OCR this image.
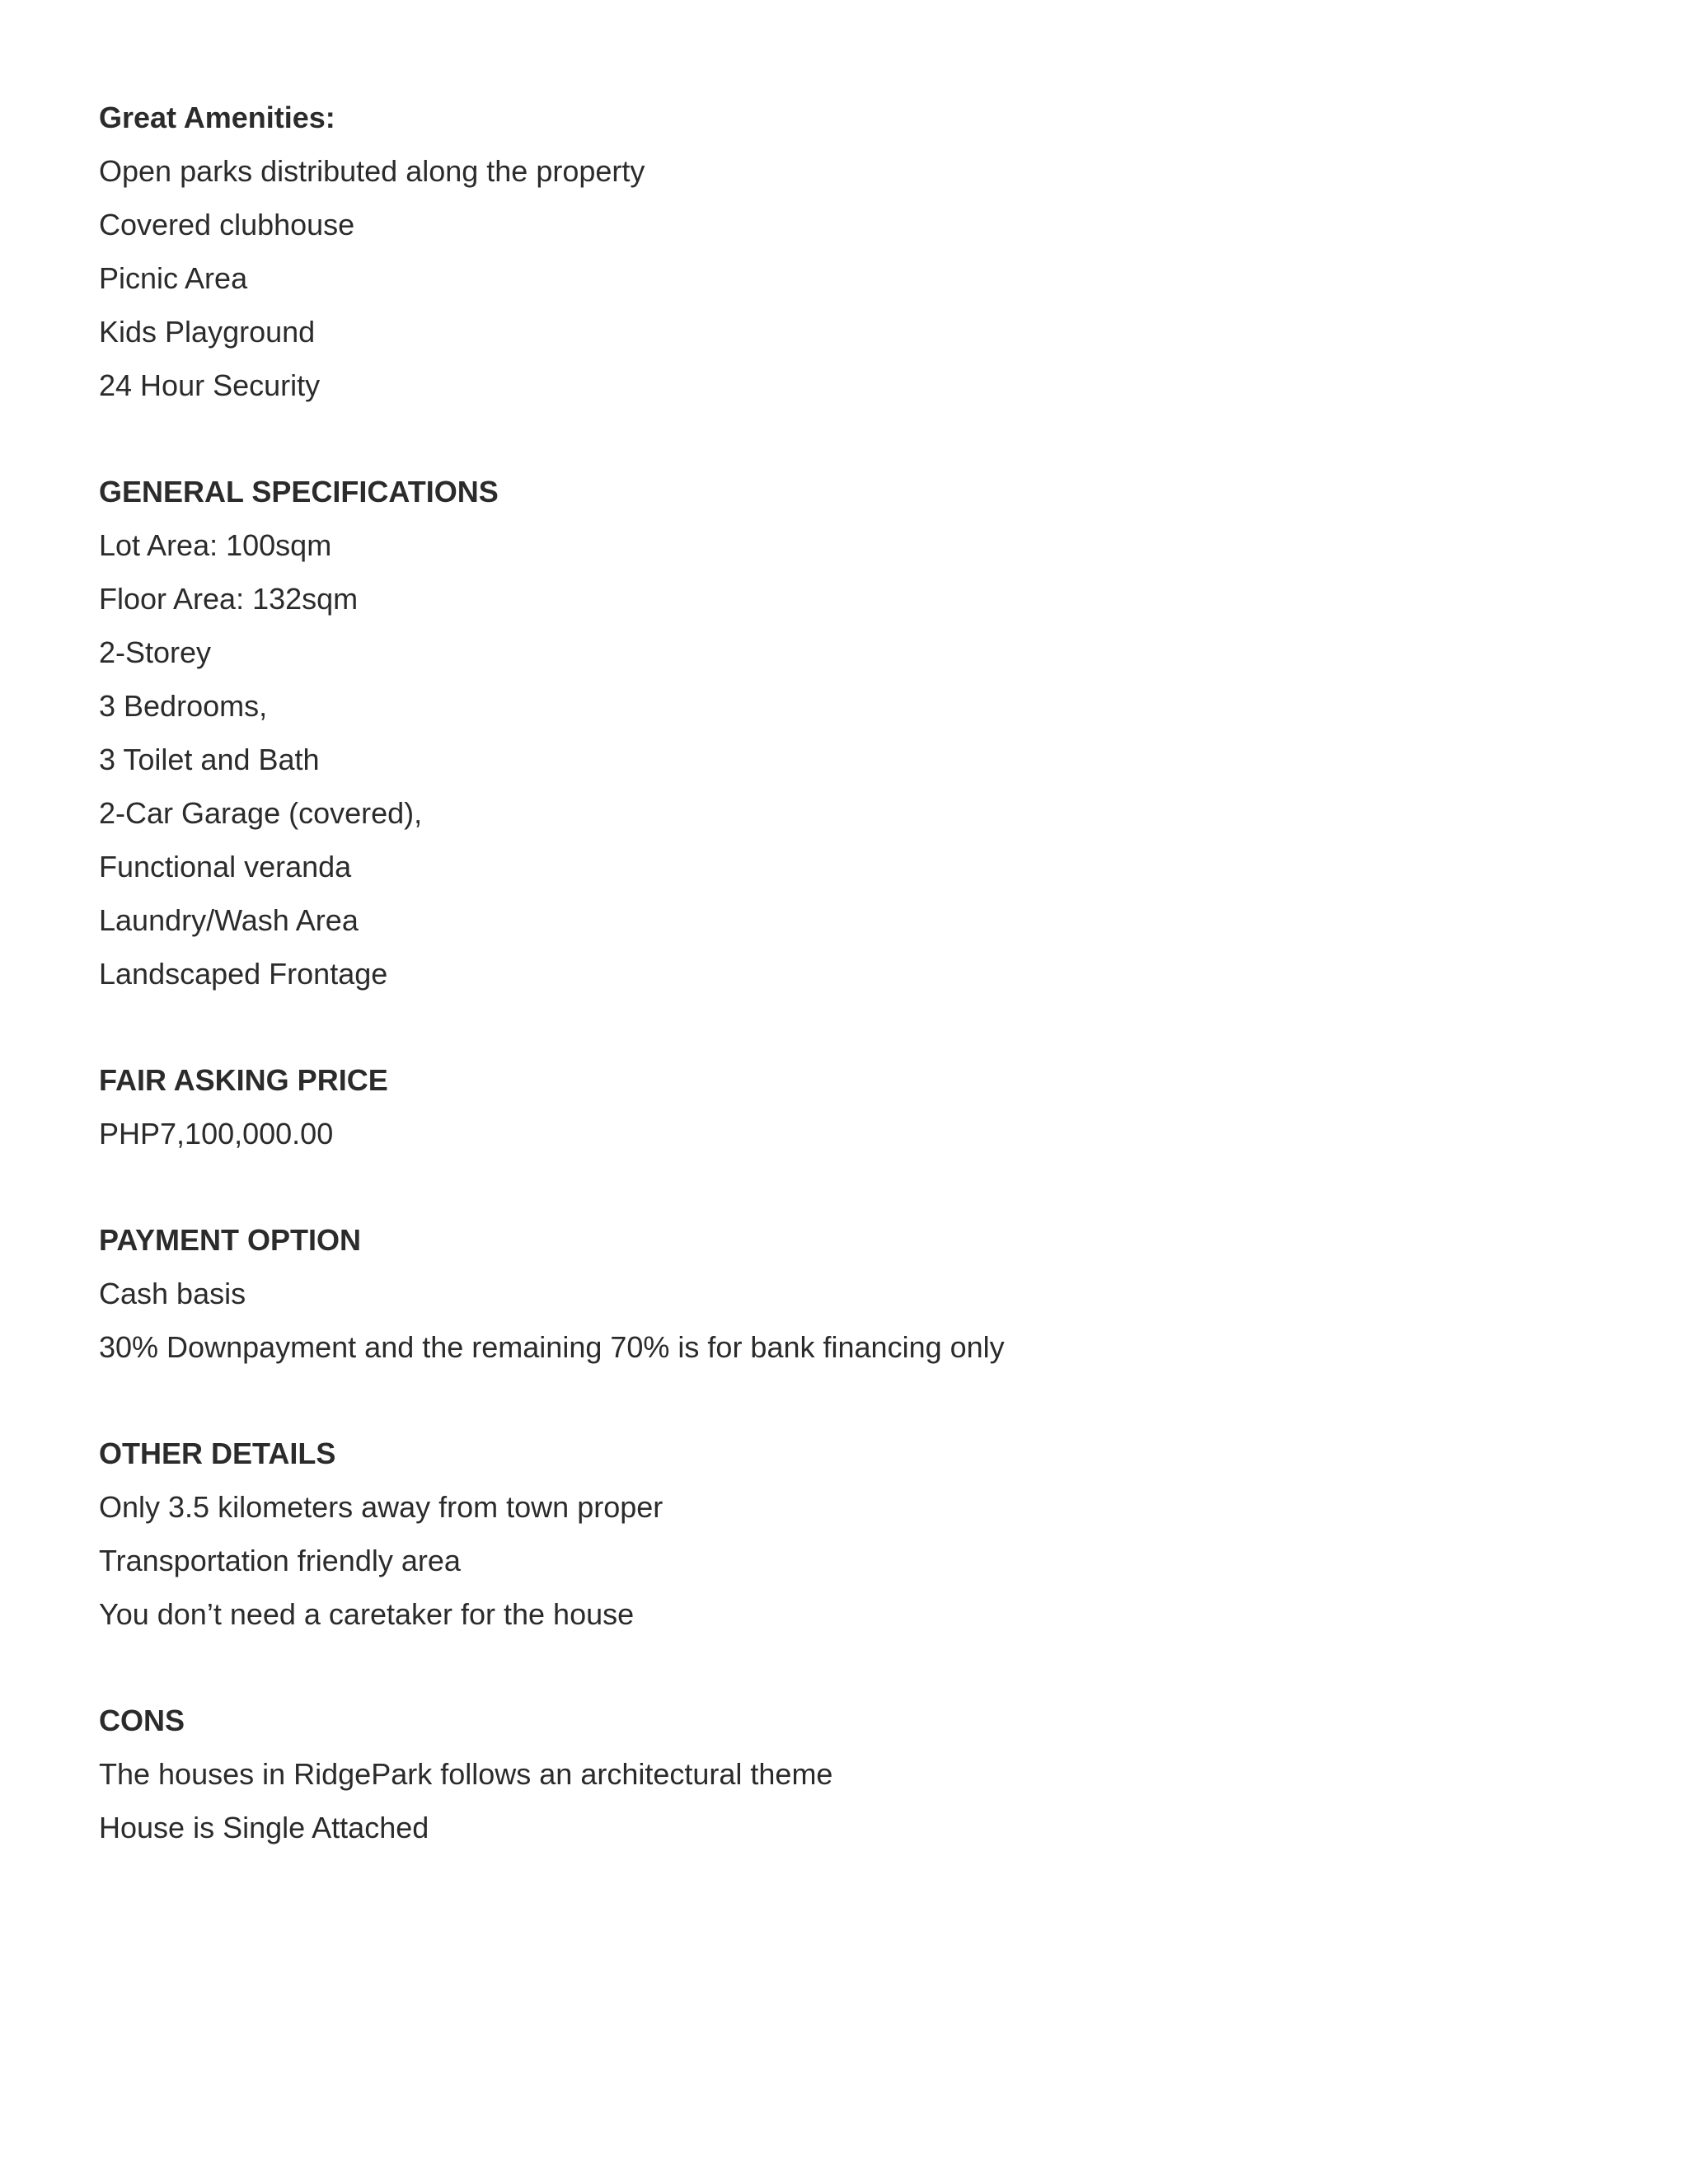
Great Amenities:
Open parks distributed along the property
Covered clubhouse
Picnic Area
Kids Playground
24 Hour Security
GENERAL SPECIFICATIONS
Lot Area: 100sqm
Floor Area: 132sqm
2-Storey
3 Bedrooms,
3 Toilet and Bath
2-Car Garage (covered),
Functional veranda
Laundry/Wash Area
Landscaped Frontage
FAIR ASKING PRICE
PHP7,100,000.00
PAYMENT OPTION
Cash basis
30% Downpayment and the remaining 70% is for bank financing only
OTHER DETAILS
Only 3.5 kilometers away from town proper
Transportation friendly area
You don’t need a caretaker for the house
CONS
The houses in RidgePark follows an architectural theme
House is Single Attached
